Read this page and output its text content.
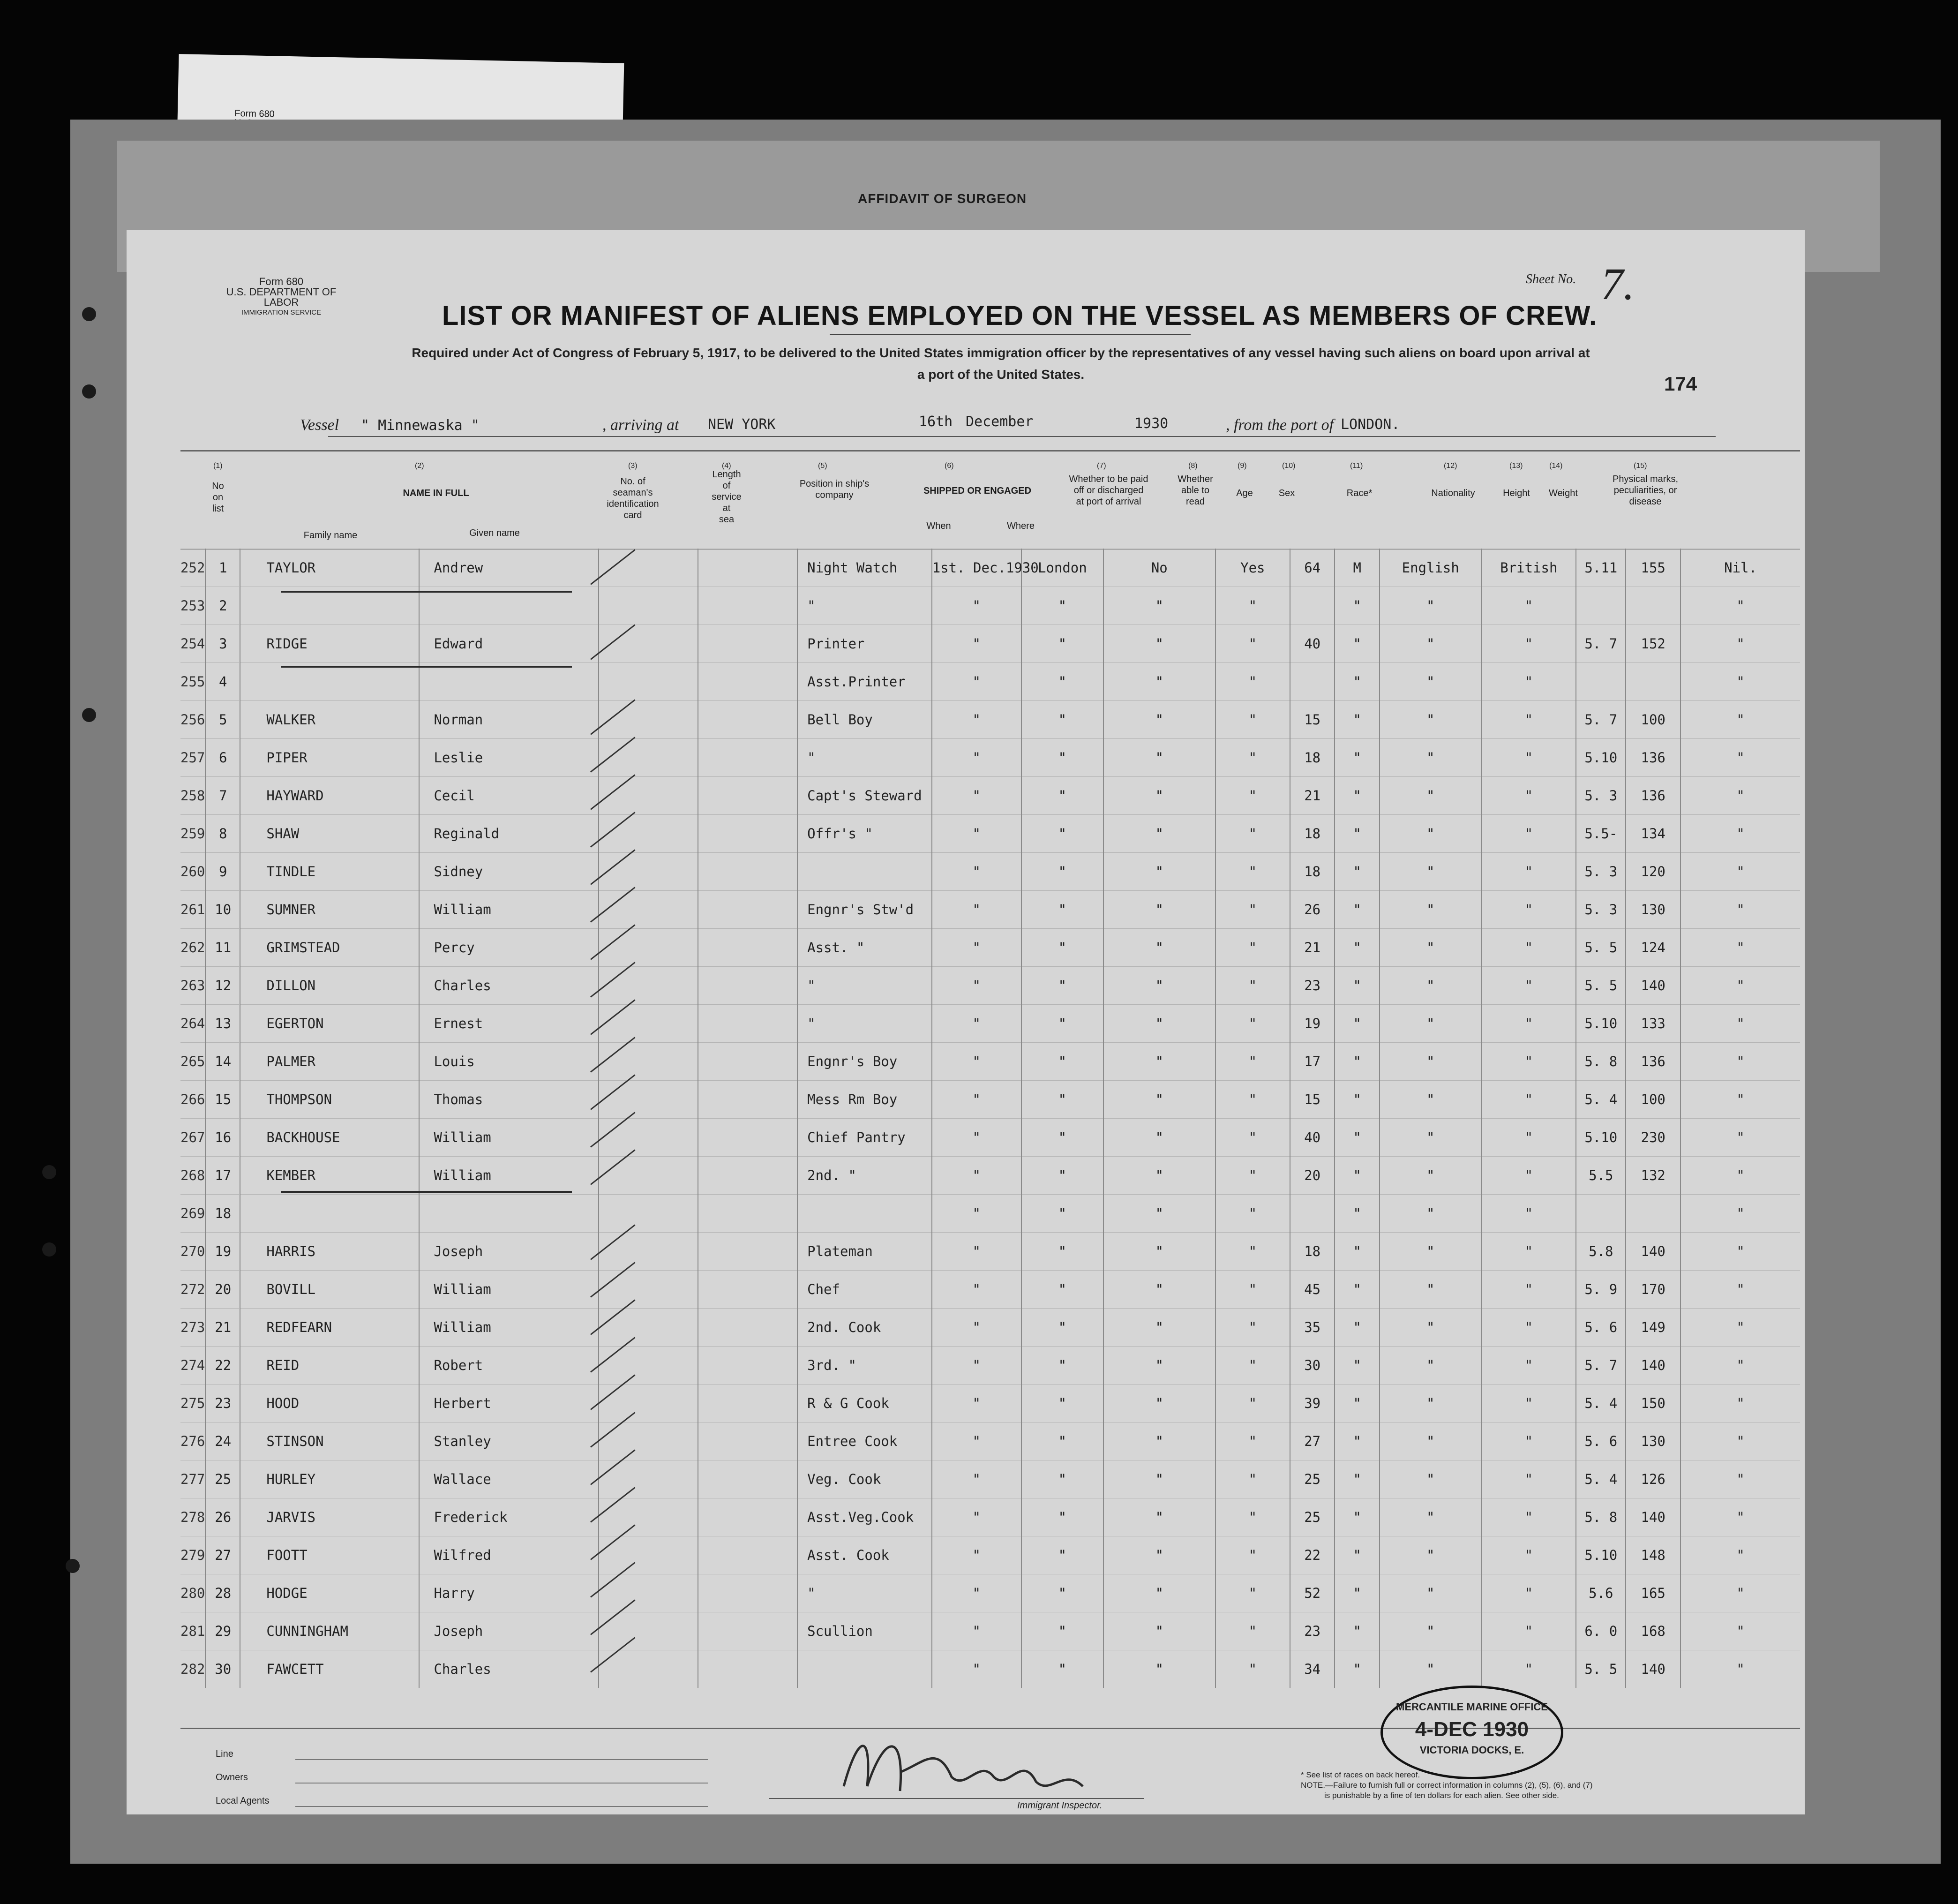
Form 680

AFFIDAVIT OF SURGEON
Form 680
U.S. DEPARTMENT OF LABOR
IMMIGRATION SERVICE
Sheet No. 7.
LIST OR MANIFEST OF ALIENS EMPLOYED ON THE VESSEL AS MEMBERS OF CREW.
Required under Act of Congress of February 5, 1917, to be delivered to the United States immigration officer by the representatives of any vessel having such aliens on board upon arrival at
a port of the United States.	174
Vessel " Minnewaska "	, arriving at NEW YORK	16th December	1930	, from the port of LONDON.
(1)	(2)	(3)	(4)	(5)	(6)	(7)	(8)	(9)	(10)	(11)	(12)	(13)	(14)	(15)
No
on
list
NAME IN FULL
Family name	Given name
No. of
seaman's
identification
card
Length
of
service
at
sea
Position in ship's
company	SHIPPED OR ENGAGED
When	Where
Whether to be paid
off or discharged
at port of arrival
Whether
able to
read
Age	Sex	Race*	Nationality	Height	Weight
Physical marks,
peculiarities, or
disease

252	1		TAYLOR	Andrew			Night Watch	1st. Dec.1930	London	No	Yes	64	M	English	British	5.11	155	Nil.	
253	2						"	"	"	"	"		"	"	"			"	
254	3		RIDGE	Edward			Printer	"	"	"	"	40	"	"	"	5. 7	152	"	
255	4						Asst.Printer	"	"	"	"		"	"	"			"	
256	5		WALKER	Norman			Bell Boy	"	"	"	"	15	"	"	"	5. 7	100	"	
257	6		PIPER	Leslie			"	"	"	"	"	18	"	"	"	5.10	136	"	
258	7		HAYWARD	Cecil			Capt's Steward	"	"	"	"	21	"	"	"	5. 3	136	"	
259	8		SHAW	Reginald			Offr's "	"	"	"	"	18	"	"	"	5.5-	134	"	
260	9		TINDLE	Sidney				"	"	"	"	18	"	"	"	5. 3	120	"	
261	10		SUMNER	William			Engnr's Stw'd	"	"	"	"	26	"	"	"	5. 3	130	"	
262	11		GRIMSTEAD	Percy			Asst. "	"	"	"	"	21	"	"	"	5. 5	124	"	
263	12		DILLON	Charles			"	"	"	"	"	23	"	"	"	5. 5	140	"	
264	13		EGERTON	Ernest			"	"	"	"	"	19	"	"	"	5.10	133	"	
265	14		PALMER	Louis			Engnr's Boy	"	"	"	"	17	"	"	"	5. 8	136	"	
266	15		THOMPSON	Thomas			Mess Rm Boy	"	"	"	"	15	"	"	"	5. 4	100	"	
267	16		BACKHOUSE	William			Chief Pantry	"	"	"	"	40	"	"	"	5.10	230	"	
268	17		KEMBER	William			2nd. "	"	"	"	"	20	"	"	"	5.5	132	"	
269	18							"	"	"	"		"	"	"			"	
270	19		HARRIS	Joseph			Plateman	"	"	"	"	18	"	"	"	5.8	140	"	
272	20		BOVILL	William			Chef	"	"	"	"	45	"	"	"	5. 9	170	"	
273	21		REDFEARN	William			2nd. Cook	"	"	"	"	35	"	"	"	5. 6	149	"	
274	22		REID	Robert			3rd. "	"	"	"	"	30	"	"	"	5. 7	140	"	
275	23		HOOD	Herbert			R & G Cook	"	"	"	"	39	"	"	"	5. 4	150	"	
276	24		STINSON	Stanley			Entree Cook	"	"	"	"	27	"	"	"	5. 6	130	"	
277	25		HURLEY	Wallace			Veg. Cook	"	"	"	"	25	"	"	"	5. 4	126	"	
278	26		JARVIS	Frederick			Asst.Veg.Cook	"	"	"	"	25	"	"	"	5. 8	140	"	
279	27		FOOTT	Wilfred			Asst. Cook	"	"	"	"	22	"	"	"	5.10	148	"	
280	28		HODGE	Harry			"	"	"	"	"	52	"	"	"	5.6	165	"	
281	29		CUNNINGHAM	Joseph			Scullion	"	"	"	"	23	"	"	"	6. 0	168	"	
282	30		FAWCETT	Charles				"	"	"	"	34	"	"	"	5. 5	140	"	
Line
Owners
Local Agents	Immigrant Inspector.
MERCANTILE MARINE OFFICE
4-DEC 1930
VICTORIA DOCKS, E.
* See list of races on back hereof.
NOTE.—Failure to furnish full or correct information in columns (2), (5), (6), and (7)
is punishable by a fine of ten dollars for each alien. See other side.
